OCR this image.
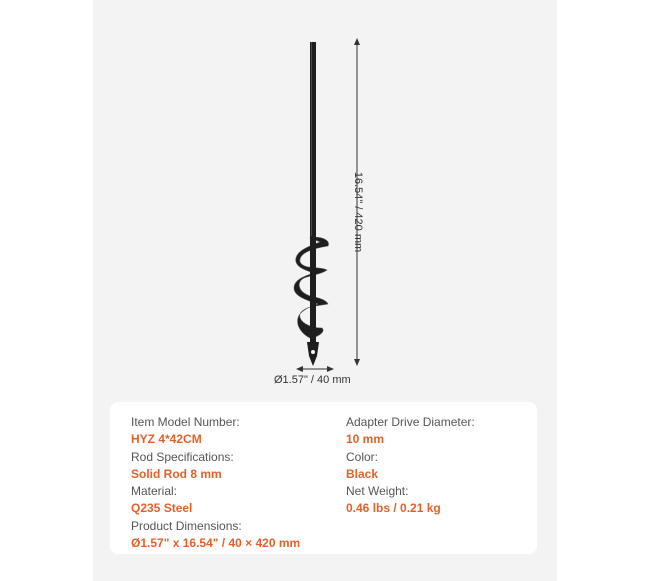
16.54" / 420 mm
Ø1.57" / 40 mm
Item Model Number:
HYZ 4*42CM
Rod Specifications:
Solid Rod 8 mm
Material:
Q235 Steel
Product Dimensions:
Ø1.57" x 16.54" / 40 × 420 mm
Adapter Drive Diameter:
10 mm
Color:
Black
Net Weight:
0.46 lbs / 0.21 kg
